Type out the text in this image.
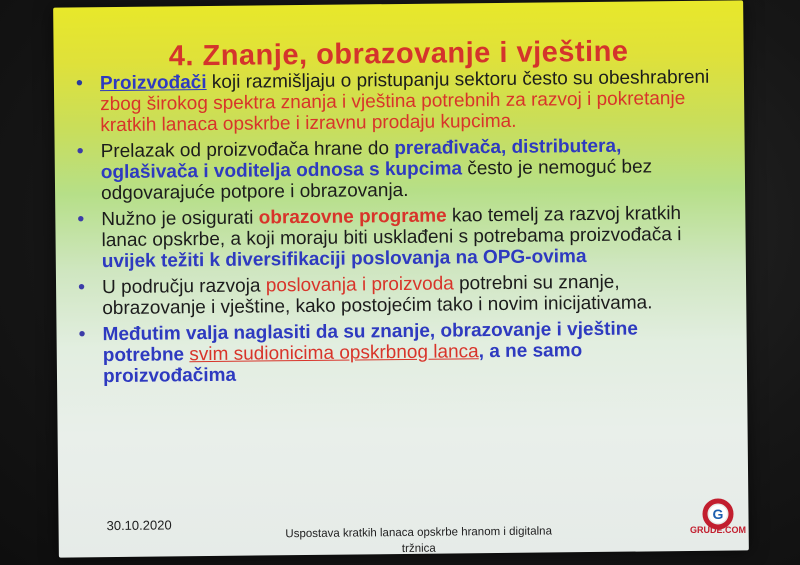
4. Znanje, obrazovanje i vještine
• Proizvođači koji razmišljaju o pristupanju sektoru često su obeshrabreni zbog širokog spektra znanja i vještina potrebnih za razvoj i pokretanje kratkih lanaca opskrbe i izravnu prodaju kupcima.
• Prelazak od proizvođača hrane do prerađivača, distributera, oglašivača i voditelja odnosa s kupcima često je nemoguć bez odgovarajuće potpore i obrazovanja.
• Nužno je osigurati obrazovne programe kao temelj za razvoj kratkih lanac opskrbe, a koji moraju biti usklađeni s potrebama proizvođača i uvijek težiti k diversifikaciji poslovanja na OPG-ovima
• U području razvoja poslovanja i proizvoda potrebni su znanje, obrazovanje i vještine, kako postojećim tako i novim inicijativama.
• Međutim valja naglasiti da su znanje, obrazovanje i vještine potrebne svim sudionicima opskrbnog lanca, a ne samo proizvođačima
30.10.2020	Uspostava kratkih lanaca opskrbe hranom i digitalna tržnica
G
GRUDE.COM
